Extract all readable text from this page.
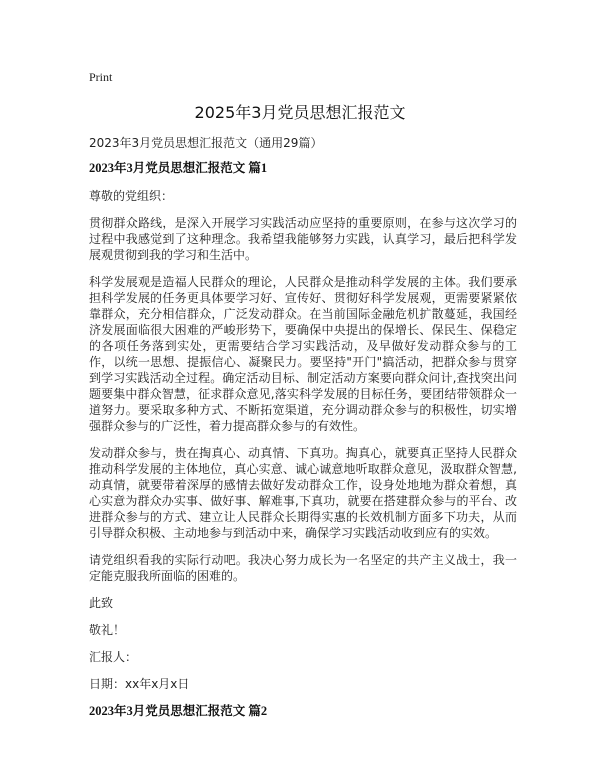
Print
2025年3月党员思想汇报范文
2023年3月党员思想汇报范文（通用29篇）
2023年3月党员思想汇报范文 篇1

尊敬的党组织：

贯彻群众路线，是深入开展学习实践活动应坚持的重要原则，在参与这次学习的过程中我感觉到了这种理念。我希望我能够努力实践，认真学习，最后把科学发展观贯彻到我的学习和生活中。

科学发展观是造福人民群众的理论，人民群众是推动科学发展的主体。我们要承担科学发展的任务更具体要学习好、宣传好、贯彻好科学发展观，更需要紧紧依靠群众，充分相信群众，广泛发动群众。在当前国际金融危机扩散蔓延，我国经济发展面临很大困难的严峻形势下，要确保中央提出的保增长、保民生、保稳定的各项任务落到实处，更需要结合学习实践活动，及早做好发动群众参与的工作，以统一思想、提振信心、凝聚民力。要坚持"开门"搞活动，把群众参与贯穿到学习实践活动全过程。确定活动目标、制定活动方案要向群众问计,查找突出问题要集中群众智慧，征求群众意见,落实科学发展的目标任务，要团结带领群众一道努力。要采取多种方式、不断拓宽渠道，充分调动群众参与的积极性，切实增强群众参与的广泛性，着力提高群众参与的有效性。

发动群众参与，贵在掏真心、动真情、下真功。掏真心，就要真正坚持人民群众推动科学发展的主体地位，真心实意、诚心诚意地听取群众意见，汲取群众智慧,动真情，就要带着深厚的感情去做好发动群众工作，设身处地地为群众着想，真心实意为群众办实事、做好事、解难事,下真功，就要在搭建群众参与的平台、改进群众参与的方式、建立让人民群众长期得实惠的长效机制方面多下功夫，从而引导群众积极、主动地参与到活动中来，确保学习实践活动收到应有的实效。

请党组织看我的实际行动吧。我决心努力成长为一名坚定的共产主义战士，我一定能克服我所面临的困难的。

此致

敬礼！

汇报人：

日期：xx年x月x日

2023年3月党员思想汇报范文 篇2
